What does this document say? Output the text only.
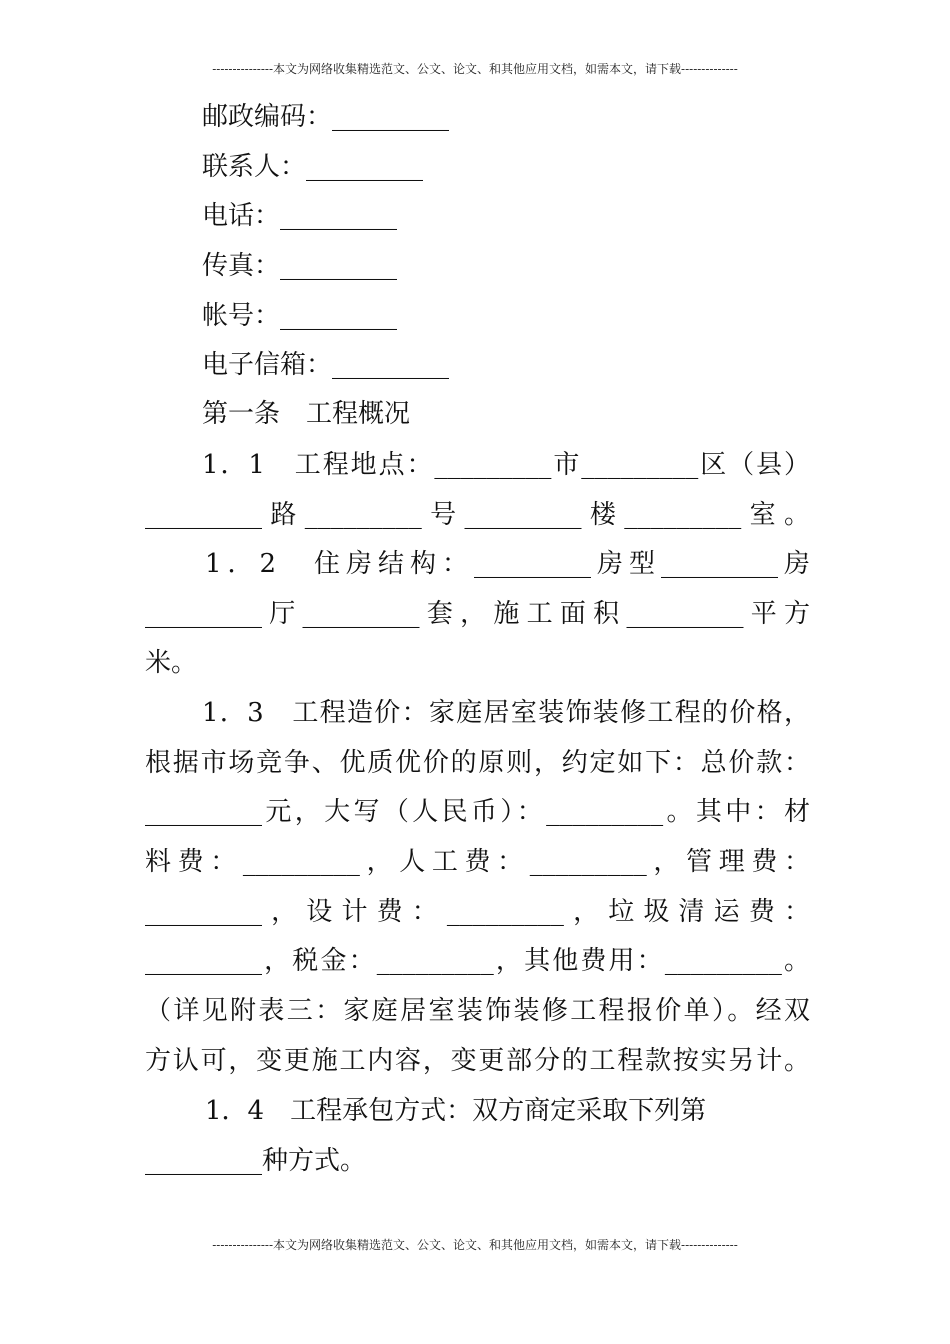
---------------本文为网络收集精选范文、公文、论文、和其他应用文档，如需本文，请下载--------------
邮政编码：_________
联系人：_________
电话：_________
传真：_________
帐号：_________
电子信箱：_________
第一条　工程概况
1．1　工程地点：_________市_________区（县）
_________路_________号_________楼_________室。
1．2　住房结构：_________房型_________房
_________厅_________套，施工面积_________平方
米。
1．3　工程造价：家庭居室装饰装修工程的价格，
根据市场竞争、优质优价的原则，约定如下：总价款：
_________元，大写（人民币）：_________。其中：材
料费：_________，人工费：_________，管理费：
_________，设计费：_________，垃圾清运费：
_________，税金：_________，其他费用：_________。
（详见附表三：家庭居室装饰装修工程报价单）。经双
方认可，变更施工内容，变更部分的工程款按实另计。
1．4　工程承包方式：双方商定采取下列第
_________种方式。
---------------本文为网络收集精选范文、公文、论文、和其他应用文档，如需本文，请下载--------------
